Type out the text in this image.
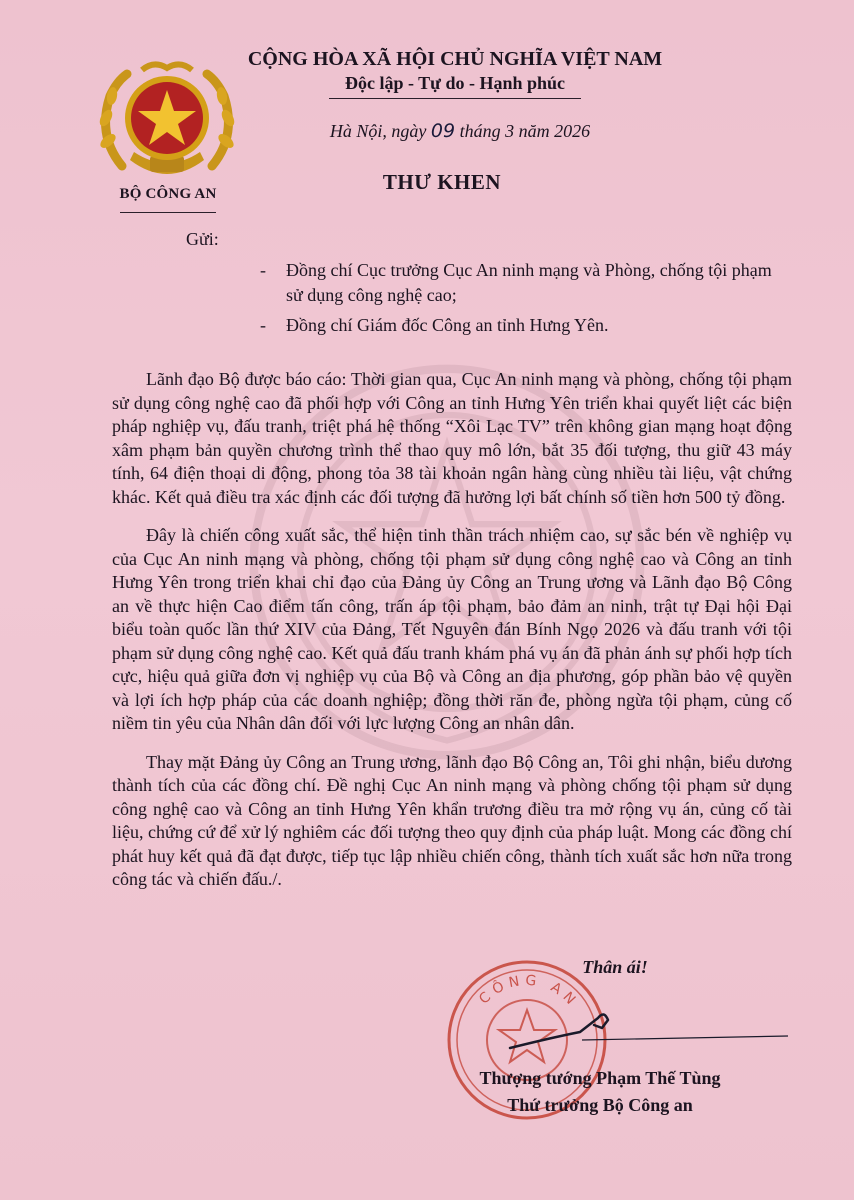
BỘ CÔNG AN
CỘNG HÒA XÃ HỘI CHỦ NGHĨA VIỆT NAM
Độc lập - Tự do - Hạnh phúc
Hà Nội, ngày 09 tháng 3 năm 2026
THƯ KHEN
Gửi:
- Đồng chí Cục trưởng Cục An ninh mạng và Phòng, chống tội phạm sử dụng công nghệ cao;
- Đồng chí Giám đốc Công an tỉnh Hưng Yên.

Lãnh đạo Bộ được báo cáo: Thời gian qua, Cục An ninh mạng và phòng, chống tội phạm sử dụng công nghệ cao đã phối hợp với Công an tỉnh Hưng Yên triển khai quyết liệt các biện pháp nghiệp vụ, đấu tranh, triệt phá hệ thống “Xôi Lạc TV” trên không gian mạng hoạt động xâm phạm bản quyền chương trình thể thao quy mô lớn, bắt 35 đối tượng, thu giữ 43 máy tính, 64 điện thoại di động, phong tỏa 38 tài khoản ngân hàng cùng nhiều tài liệu, vật chứng khác. Kết quả điều tra xác định các đối tượng đã hưởng lợi bất chính số tiền hơn 500 tỷ đồng.

Đây là chiến công xuất sắc, thể hiện tinh thần trách nhiệm cao, sự sắc bén về nghiệp vụ của Cục An ninh mạng và phòng, chống tội phạm sử dụng công nghệ cao và Công an tỉnh Hưng Yên trong triển khai chỉ đạo của Đảng ủy Công an Trung ương và Lãnh đạo Bộ Công an về thực hiện Cao điểm tấn công, trấn áp tội phạm, bảo đảm an ninh, trật tự Đại hội Đại biểu toàn quốc lần thứ XIV của Đảng, Tết Nguyên đán Bính Ngọ 2026 và đấu tranh với tội phạm sử dụng công nghệ cao. Kết quả đấu tranh khám phá vụ án đã phản ánh sự phối hợp tích cực, hiệu quả giữa đơn vị nghiệp vụ của Bộ và Công an địa phương, góp phần bảo vệ quyền và lợi ích hợp pháp của các doanh nghiệp; đồng thời răn đe, phòng ngừa tội phạm, củng cố niềm tin yêu của Nhân dân đối với lực lượng Công an nhân dân.

Thay mặt Đảng ủy Công an Trung ương, lãnh đạo Bộ Công an, Tôi ghi nhận, biểu dương thành tích của các đồng chí. Đề nghị Cục An ninh mạng và phòng chống tội phạm sử dụng công nghệ cao và Công an tỉnh Hưng Yên khẩn trương điều tra mở rộng vụ án, củng cố tài liệu, chứng cứ để xử lý nghiêm các đối tượng theo quy định của pháp luật. Mong các đồng chí phát huy kết quả đã đạt được, tiếp tục lập nhiều chiến công, thành tích xuất sắc hơn nữa trong công tác và chiến đấu./.

CÔNG AN
Thân ái!
Thượng tướng Phạm Thế Tùng
Thứ trưởng Bộ Công an
